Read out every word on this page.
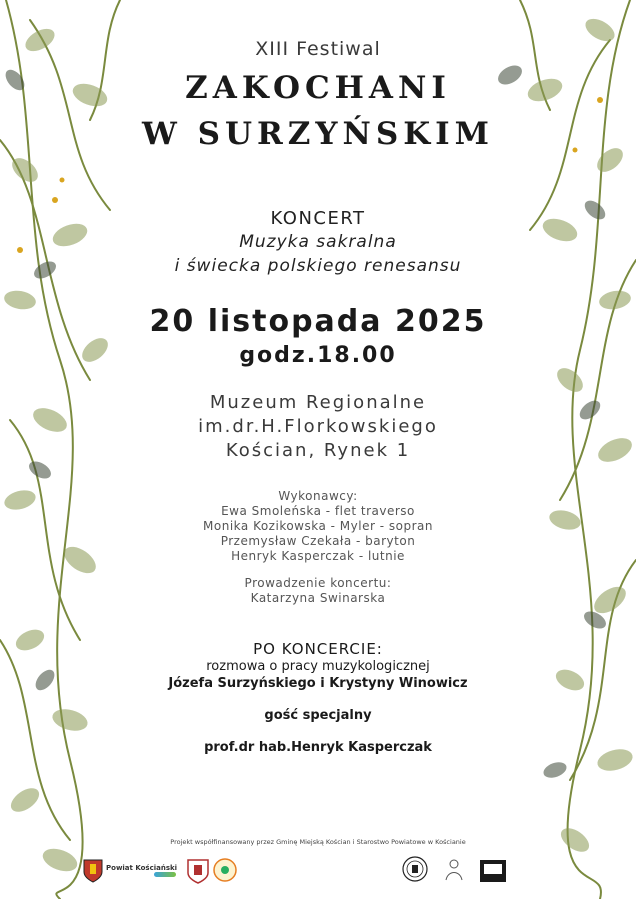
XIII Festiwal
ZAKOCHANI
W SURZYŃSKIM
KONCERT
Muzyka sakralna
i świecka polskiego renesansu
20 listopada 2025
godz.18.00
Muzeum Regionalne
im.dr.H.Florkowskiego
Kościan, Rynek 1
Wykonawcy:
Ewa Smoleńska - flet traverso
Monika Kozikowska - Myler - sopran
Przemysław Czekała - baryton
Henryk Kasperczak - lutnie
Prowadzenie koncertu:
Katarzyna Swinarska
PO KONCERCIE:
rozmowa o pracy muzykologicznej
Józefa Surzyńskiego i Krystyny Winowicz
gość specjalny
prof.dr hab.Henryk Kasperczak
Projekt współfinansowany przez Gminę Miejską Kościan i Starostwo Powiatowe w Kościanie
Powiat Kościański
